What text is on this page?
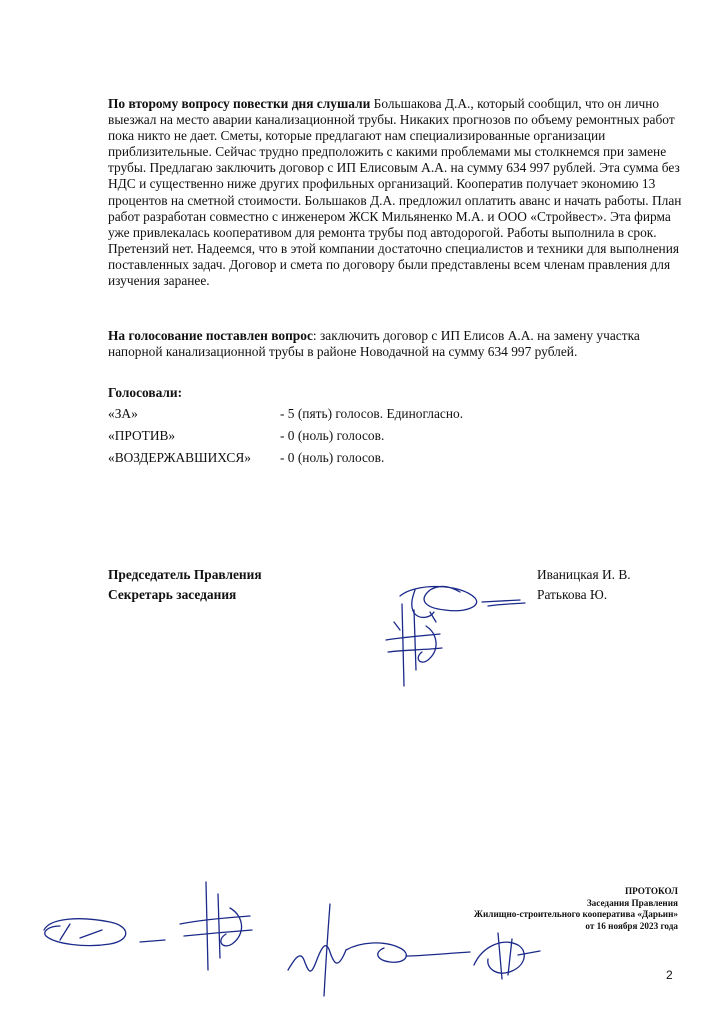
По второму вопросу повестки дня слушали Большакова Д.А., который сообщил, что он лично выезжал на место аварии канализационной трубы. Никаких прогнозов по объему ремонтных работ пока никто не дает. Сметы, которые предлагают нам специализированные организации приблизительные. Сейчас трудно предположить с какими проблемами мы столкнемся при замене трубы. Предлагаю заключить договор с ИП Елисовым А.А. на сумму 634 997 рублей. Эта сумма без НДС и существенно ниже других профильных организаций. Кооператив получает экономию 13 процентов на сметной стоимости. Большаков Д.А. предложил оплатить аванс и начать работы. План работ разработан совместно с инженером ЖСК Мильяненко М.А. и ООО «Стройвест». Эта фирма уже привлекалась кооперативом для ремонта трубы под автодорогой. Работы выполнила в срок. Претензий нет. Надеемся, что в этой компании достаточно специалистов и техники для выполнения поставленных задач. Договор и смета по договору были представлены всем членам правления для изучения заранее.

На голосование поставлен вопрос: заключить договор с ИП Елисов А.А. на замену участка напорной канализационной трубы в районе Новодачной на сумму 634 997 рублей.

Голосовали:
«ЗА»	- 5 (пять) голосов. Единогласно.
«ПРОТИВ»	- 0 (ноль) голосов.
«ВОЗДЕРЖАВШИХСЯ» - 0 (ноль) голосов.
Председатель Правления
Секретарь заседания
Иваницкая И. В.
Ратькова Ю.
ПРОТОКОЛ
Заседания Правления
Жилищно-строительного кооператива «Дарьин»
от 16 ноября 2023 года
2
